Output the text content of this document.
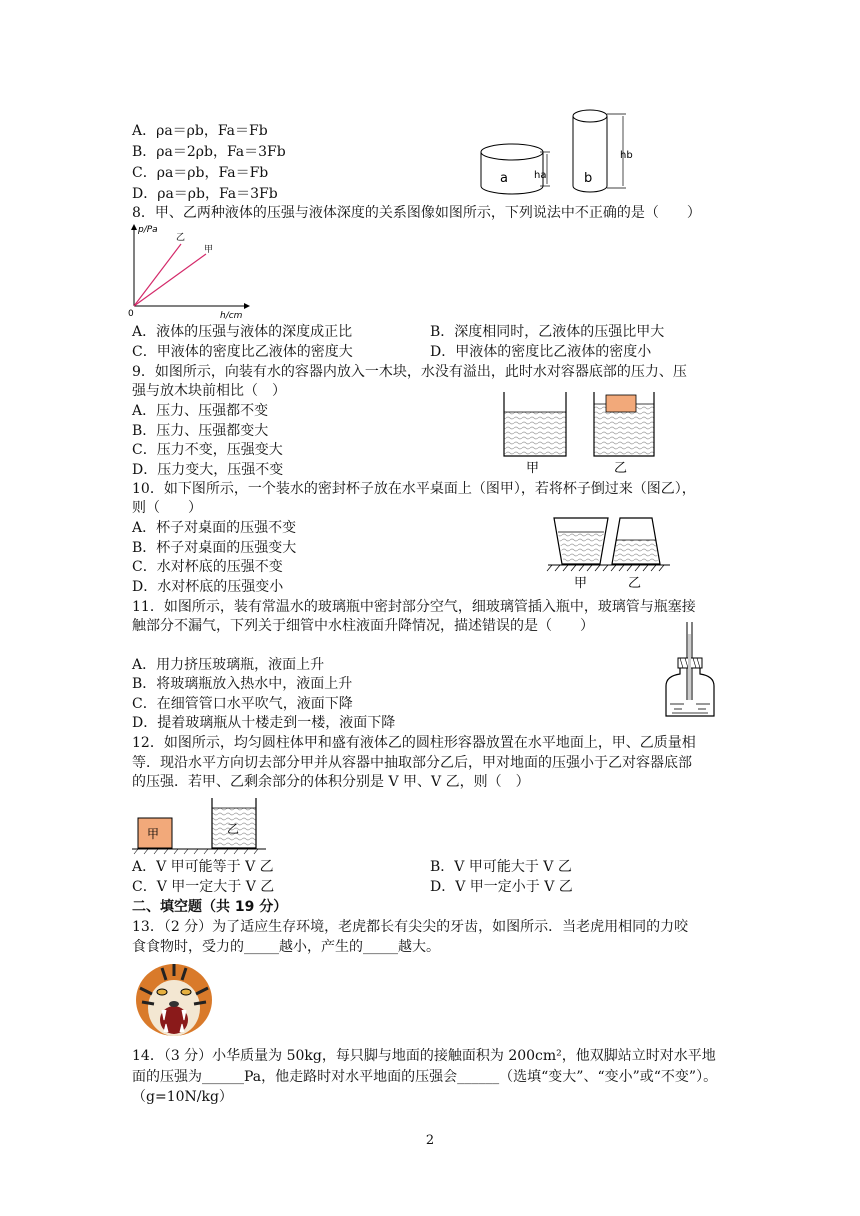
A．ρa＝ρb，Fa＝Fb
B．ρa＝2ρb，Fa＝3Fb
C．ρa＝ρb，Fa＝Fb
D．ρa＝ρb，Fa＝3Fb
a	ha	b
hb
8．甲、乙两种液体的压强与液体深度的关系图像如图所示，下列说法中不正确的是（　　）
p/Pa
h/cm
0
乙
甲
A．液体的压强与液体的深度成正比	B．深度相同时，乙液体的压强比甲大
C．甲液体的密度比乙液体的密度大	D．甲液体的密度比乙液体的密度小
9．如图所示，向装有水的容器内放入一木块，水没有溢出，此时水对容器底部的压力、压
强与放木块前相比（　）
A．压力、压强都不变
B．压力、压强都变大
C．压力不变，压强变大
D．压力变大，压强不变	甲	乙
10．如下图所示，一个装水的密封杯子放在水平桌面上（图甲），若将杯子倒过来（图乙），
则（　　）
A．杯子对桌面的压强不变
B．杯子对桌面的压强变大
C．水对杯底的压强不变
D．水对杯底的压强变小	甲	乙
11．如图所示，装有常温水的玻璃瓶中密封部分空气，细玻璃管插入瓶中，玻璃管与瓶塞接
触部分不漏气，下列关于细管中水柱液面升降情况，描述错误的是（　　）
A．用力挤压玻璃瓶，液面上升
B．将玻璃瓶放入热水中，液面上升
C．在细管管口水平吹气，液面下降
D．提着玻璃瓶从十楼走到一楼，液面下降
12．如图所示，均匀圆柱体甲和盛有液体乙的圆柱形容器放置在水平地面上，甲、乙质量相
等．现沿水平方向切去部分甲并从容器中抽取部分乙后，甲对地面的压强小于乙对容器底部
的压强．若甲、乙剩余部分的体积分别是 V 甲、V 乙，则（　）
甲	乙
A．V 甲可能等于 V 乙	B．V 甲可能大于 V 乙
C．V 甲一定大于 V 乙	D．V 甲一定小于 V 乙
二、填空题（共 19 分）
13．（2 分）为了适应生存环境，老虎都长有尖尖的牙齿，如图所示．当老虎用相同的力咬
食食物时，受力的_____越小，产生的_____越大。
14．（3 分）小华质量为 50kg，每只脚与地面的接触面积为 200cm²，他双脚站立时对水平地
面的压强为______Pa，他走路时对水平地面的压强会______（选填“变大”、“变小”或“不变”）。
（g=10N/kg）
2
